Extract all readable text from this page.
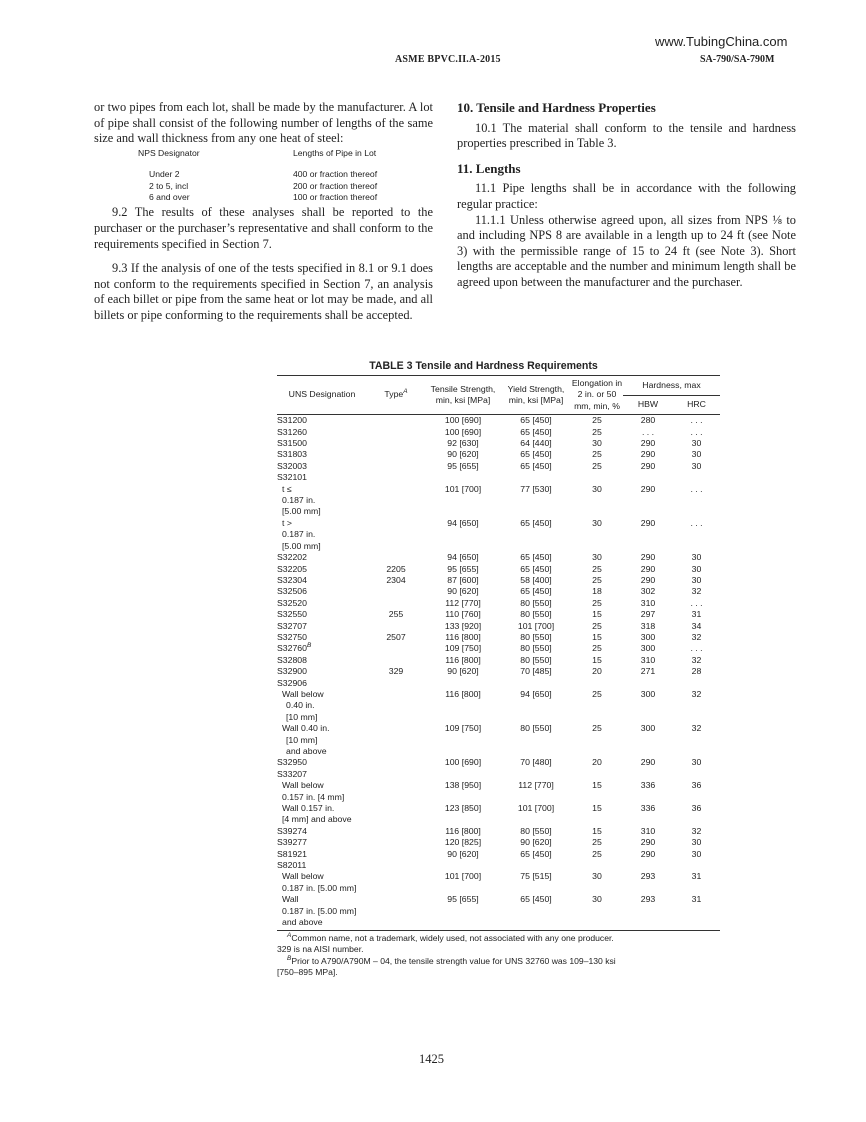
www.TubingChina.com
ASME BPVC.II.A-2015	SA-790/SA-790M

or two pipes from each lot, shall be made by the manufacturer. A lot of pipe shall consist of the following number of lengths of the same size and wall thickness from any one heat of steel:

NPS Designator	Lengths of Pipe in Lot
Under 2	400 or fraction thereof
2 to 5, incl	200 or fraction thereof
6 and over	100 or fraction thereof

9.2 The results of these analyses shall be reported to the purchaser or the purchaser’s representative and shall conform to the requirements specified in Section 7.

9.3 If the analysis of one of the tests specified in 8.1 or 9.1 does not conform to the requirements specified in Section 7, an analysis of each billet or pipe from the same heat or lot may be made, and all billets or pipe conforming to the requirements shall be accepted.

10. Tensile and Hardness Properties

10.1 The material shall conform to the tensile and hardness properties prescribed in Table 3.

11. Lengths

11.1 Pipe lengths shall be in accordance with the following regular practice:

11.1.1 Unless otherwise agreed upon, all sizes from NPS ⅛ to and including NPS 8 are available in a length up to 24 ft (see Note 3) with the permissible range of 15 to 24 ft (see Note 3). Short lengths are acceptable and the number and minimum length shall be agreed upon between the manufacturer and the purchaser.

TABLE 3 Tensile and Hardness Requirements
UNS Designation	Type$^A$	Tensile Strength, min, ksi [MPa]	Yield Strength, min, ksi [MPa]	Elongation in 2 in. or 50 mm, min, %	Hardness, max	
					HBW	HRC
S31200		100 [690]	65 [450]	25	280	. . .
S31260		100 [690]	65 [450]	25	. . .	. . .
S31500		92 [630]	64 [440]	30	290	30
S31803		90 [620]	65 [450]	25	290	30
S32003		95 [655]	65 [450]	25	290	30
S32101						
t ≤		101 [700]	77 [530]	30	290	. . .
0.187 in.						
[5.00 mm]						
t >		94 [650]	65 [450]	30	290	. . .
0.187 in.						
[5.00 mm]						
S32202		94 [650]	65 [450]	30	290	30
S32205	2205	95 [655]	65 [450]	25	290	30
S32304	2304	87 [600]	58 [400]	25	290	30
S32506		90 [620]	65 [450]	18	302	32
S32520		112 [770]	80 [550]	25	310	. . .
S32550	255	110 [760]	80 [550]	15	297	31
S32707		133 [920]	101 [700]	25	318	34
S32750	2507	116 [800]	80 [550]	15	300	32
$S32760^B$		109 [750]	80 [550]	25	300	. . .
S32808		116 [800]	80 [550]	15	310	32
S32900	329	90 [620]	70 [485]	20	271	28
S32906						
Wall below		116 [800]	94 [650]	25	300	32
0.40 in.						
[10 mm]						
Wall 0.40 in.		109 [750]	80 [550]	25	300	32
[10 mm]						
and above						
S32950		100 [690]	70 [480]	20	290	30
S33207						
Wall below		138 [950]	112 [770]	15	336	36
0.157 in. [4 mm]						
Wall 0.157 in.		123 [850]	101 [700]	15	336	36
[4 mm] and above						
S39274		116 [800]	80 [550]	15	310	32
S39277		120 [825]	90 [620]	25	290	30
S81921		90 [620]	65 [450]	25	290	30
S82011						
Wall below		101 [700]	75 [515]	30	293	31
0.187 in. [5.00 mm]						
Wall		95 [655]	65 [450]	30	293	31
0.187 in. [5.00 mm]						
and above						
$^A$Common name, not a trademark, widely used, not associated with any one producer. 329 is na AISI number.
$^B$Prior to A790/A790M – 04, the tensile strength value for UNS 32760 was 109–130 ksi [750–895 MPa].
1425
